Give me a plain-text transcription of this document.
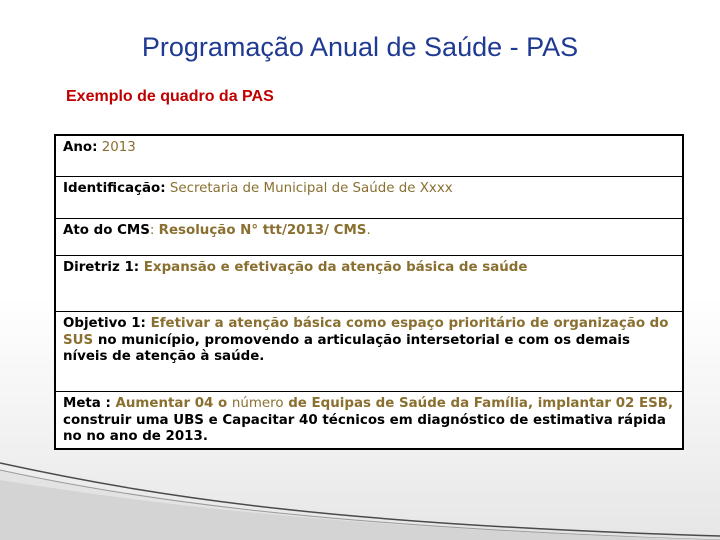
Programação Anual de Saúde - PAS
Exemplo de quadro da PAS
Ano: 2013
Identificação: Secretaria de Municipal de Saúde de Xxxx
Ato do CMS: Resolução N° ttt/2013/ CMS.
Diretriz 1: Expansão e efetivação da atenção básica de saúde
Objetivo 1: Efetivar a atenção básica como espaço prioritário de organização do SUS no município, promovendo a articulação intersetorial e com os demais níveis de atenção à saúde.
Meta : Aumentar 04 o número de Equipas de Saúde da Família, implantar 02 ESB, construir uma UBS e Capacitar 40 técnicos em diagnóstico de estimativa rápida no no ano de 2013.
